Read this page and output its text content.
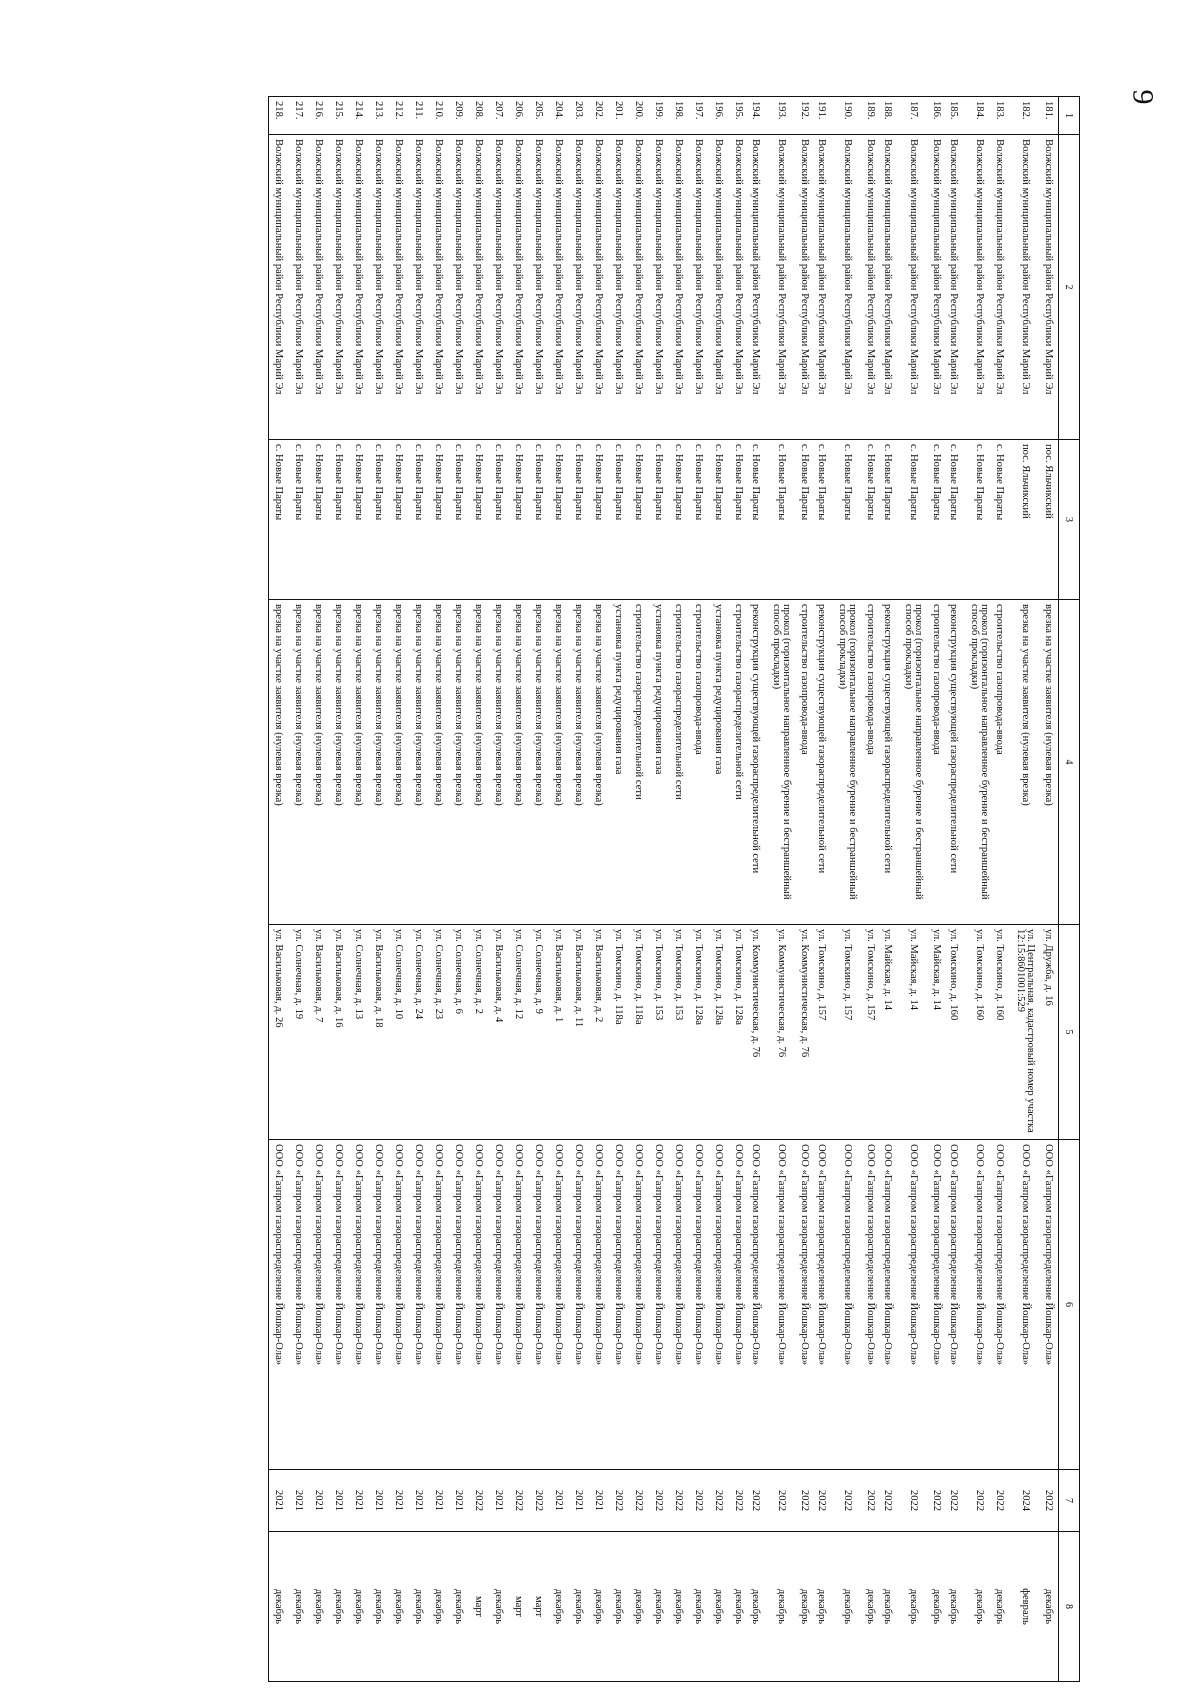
9
1	2	3	4	5	6	7	8
181.	Волжский муниципальный район Республики Марий Эл	пос. Яльчикский	врезка на участке заявителя (нулевая врезка)	ул. Дружба, д. 16	ООО «Газпром газораспределение Йошкар-Ола»	2022	декабрь
182.	Волжский муниципальный район Республики Марий Эл	пос. Яльчикский	врезка на участке заявителя (нулевая врезка)	ул. Центральная, кадастровый номер участка 12:15:8601001:529	ООО «Газпром газораспределение Йошкар-Ола»	2024	февраль
183.	Волжский муниципальный район Республики Марий Эл	с. Новые Параты	строительство газопровода-ввода	ул. Томскино, д. 160	ООО «Газпром газораспределение Йошкар-Ола»	2022	декабрь
184.	Волжский муниципальный район Республики Марий Эл	с. Новые Параты	прокол (горизонтальное направленное бурение и бестраншейный способ прокладки)	ул. Томскино, д. 160	ООО «Газпром газораспределение Йошкар-Ола»	2022	декабрь
185.	Волжский муниципальный район Республики Марий Эл	с. Новые Параты	реконструкция существующей газораспределительной сети	ул. Томскино, д. 160	ООО «Газпром газораспределение Йошкар-Ола»	2022	декабрь
186.	Волжский муниципальный район Республики Марий Эл	с. Новые Параты	строительство газопровода-ввода	ул. Майская, д. 14	ООО «Газпром газораспределение Йошкар-Ола»	2022	декабрь
187.	Волжский муниципальный район Республики Марий Эл	с. Новые Параты	прокол (горизонтальное направленное бурение и бестраншейный способ прокладки)	ул. Майская, д. 14	ООО «Газпром газораспределение Йошкар-Ола»	2022	декабрь
188.	Волжский муниципальный район Республики Марий Эл	с. Новые Параты	реконструкция существующей газораспределительной сети	ул. Майская, д. 14	ООО «Газпром газораспределение Йошкар-Ола»	2022	декабрь
189.	Волжский муниципальный район Республики Марий Эл	с. Новые Параты	строительство газопровода-ввода	ул. Томскино, д. 157	ООО «Газпром газораспределение Йошкар-Ола»	2022	декабрь
190.	Волжский муниципальный район Республики Марий Эл	с. Новые Параты	прокол (горизонтальное направленное бурение и бестраншейный способ прокладки)	ул. Томскино, д. 157	ООО «Газпром газораспределение Йошкар-Ола»	2022	декабрь
191.	Волжский муниципальный район Республики Марий Эл	с. Новые Параты	реконструкция существующей газораспределительной сети	ул. Томскино, д. 157	ООО «Газпром газораспределение Йошкар-Ола»	2022	декабрь
192.	Волжский муниципальный район Республики Марий Эл	с. Новые Параты	строительство газопровода-ввода	ул. Коммунистическая, д. 76	ООО «Газпром газораспределение Йошкар-Ола»	2022	декабрь
193.	Волжский муниципальный район Республики Марий Эл	с. Новые Параты	прокол (горизонтальное направленное бурение и бестраншейный способ прокладки)	ул. Коммунистическая, д. 76	ООО «Газпром газораспределение Йошкар-Ола»	2022	декабрь
194.	Волжский муниципальный район Республики Марий Эл	с. Новые Параты	реконструкция существующей газораспределительной сети	ул. Коммунистическая, д. 76	ООО «Газпром газораспределение Йошкар-Ола»	2022	декабрь
195.	Волжский муниципальный район Республики Марий Эл	с. Новые Параты	строительство газораспределительной сети	ул. Томскино, д. 128а	ООО «Газпром газораспределение Йошкар-Ола»	2022	декабрь
196.	Волжский муниципальный район Республики Марий Эл	с. Новые Параты	установка пункта редуцирования газа	ул. Томскино, д. 128а	ООО «Газпром газораспределение Йошкар-Ола»	2022	декабрь
197.	Волжский муниципальный район Республики Марий Эл	с. Новые Параты	строительство газопровода-ввода	ул. Томскино, д. 128а	ООО «Газпром газораспределение Йошкар-Ола»	2022	декабрь
198.	Волжский муниципальный район Республики Марий Эл	с. Новые Параты	строительство газораспределительной сети	ул. Томскино, д. 153	ООО «Газпром газораспределение Йошкар-Ола»	2022	декабрь
199.	Волжский муниципальный район Республики Марий Эл	с. Новые Параты	установка пункта редуцирования газа	ул. Томскино, д. 153	ООО «Газпром газораспределение Йошкар-Ола»	2022	декабрь
200.	Волжский муниципальный район Республики Марий Эл	с. Новые Параты	строительство газораспределительной сети	ул. Томскино, д. 118а	ООО «Газпром газораспределение Йошкар-Ола»	2022	декабрь
201.	Волжский муниципальный район Республики Марий Эл	с. Новые Параты	установка пункта редуцирования газа	ул. Томскино, д. 118а	ООО «Газпром газораспределение Йошкар-Ола»	2022	декабрь
202.	Волжский муниципальный район Республики Марий Эл	с. Новые Параты	врезка на участке заявителя (нулевая врезка)	ул. Васильковая, д. 2	ООО «Газпром газораспределение Йошкар-Ола»	2021	декабрь
203.	Волжский муниципальный район Республики Марий Эл	с. Новые Параты	врезка на участке заявителя (нулевая врезка)	ул. Васильковая, д. 11	ООО «Газпром газораспределение Йошкар-Ола»	2021	декабрь
204.	Волжский муниципальный район Республики Марий Эл	с. Новые Параты	врезка на участке заявителя (нулевая врезка)	ул. Васильковая, д. 1	ООО «Газпром газораспределение Йошкар-Ола»	2021	декабрь
205.	Волжский муниципальный район Республики Марий Эл	с. Новые Параты	врезка на участке заявителя (нулевая врезка)	ул. Солнечная, д. 9	ООО «Газпром газораспределение Йошкар-Ола»	2022	март
206.	Волжский муниципальный район Республики Марий Эл	с. Новые Параты	врезка на участке заявителя (нулевая врезка)	ул. Солнечная, д. 12	ООО «Газпром газораспределение Йошкар-Ола»	2022	март
207.	Волжский муниципальный район Республики Марий Эл	с. Новые Параты	врезка на участке заявителя (нулевая врезка)	ул. Васильковая, д. 4	ООО «Газпром газораспределение Йошкар-Ола»	2021	декабрь
208.	Волжский муниципальный район Республики Марий Эл	с. Новые Параты	врезка на участке заявителя (нулевая врезка)	ул. Солнечная, д. 2	ООО «Газпром газораспределение Йошкар-Ола»	2022	март
209.	Волжский муниципальный район Республики Марий Эл	с. Новые Параты	врезка на участке заявителя (нулевая врезка)	ул. Солнечная, д. 6	ООО «Газпром газораспределение Йошкар-Ола»	2021	декабрь
210.	Волжский муниципальный район Республики Марий Эл	с. Новые Параты	врезка на участке заявителя (нулевая врезка)	ул. Солнечная, д. 23	ООО «Газпром газораспределение Йошкар-Ола»	2021	декабрь
211.	Волжский муниципальный район Республики Марий Эл	с. Новые Параты	врезка на участке заявителя (нулевая врезка)	ул. Солнечная, д. 24	ООО «Газпром газораспределение Йошкар-Ола»	2021	декабрь
212.	Волжский муниципальный район Республики Марий Эл	с. Новые Параты	врезка на участке заявителя (нулевая врезка)	ул. Солнечная, д. 10	ООО «Газпром газораспределение Йошкар-Ола»	2021	декабрь
213.	Волжский муниципальный район Республики Марий Эл	с. Новые Параты	врезка на участке заявителя (нулевая врезка)	ул. Васильковая, д. 18	ООО «Газпром газораспределение Йошкар-Ола»	2021	декабрь
214.	Волжский муниципальный район Республики Марий Эл	с. Новые Параты	врезка на участке заявителя (нулевая врезка)	ул. Солнечная, д. 13	ООО «Газпром газораспределение Йошкар-Ола»	2021	декабрь
215.	Волжский муниципальный район Республики Марий Эл	с. Новые Параты	врезка на участке заявителя (нулевая врезка)	ул. Васильковая, д. 16	ООО «Газпром газораспределение Йошкар-Ола»	2021	декабрь
216.	Волжский муниципальный район Республики Марий Эл	с. Новые Параты	врезка на участке заявителя (нулевая врезка)	ул. Васильковая, д. 7	ООО «Газпром газораспределение Йошкар-Ола»	2021	декабрь
217.	Волжский муниципальный район Республики Марий Эл	с. Новые Параты	врезка на участке заявителя (нулевая врезка)	ул. Солнечная, д. 19	ООО «Газпром газораспределение Йошкар-Ола»	2021	декабрь
218.	Волжский муниципальный район Республики Марий Эл	с. Новые Параты	врезка на участке заявителя (нулевая врезка)	ул. Васильковая, д. 26	ООО «Газпром газораспределение Йошкар-Ола»	2021	декабрь
